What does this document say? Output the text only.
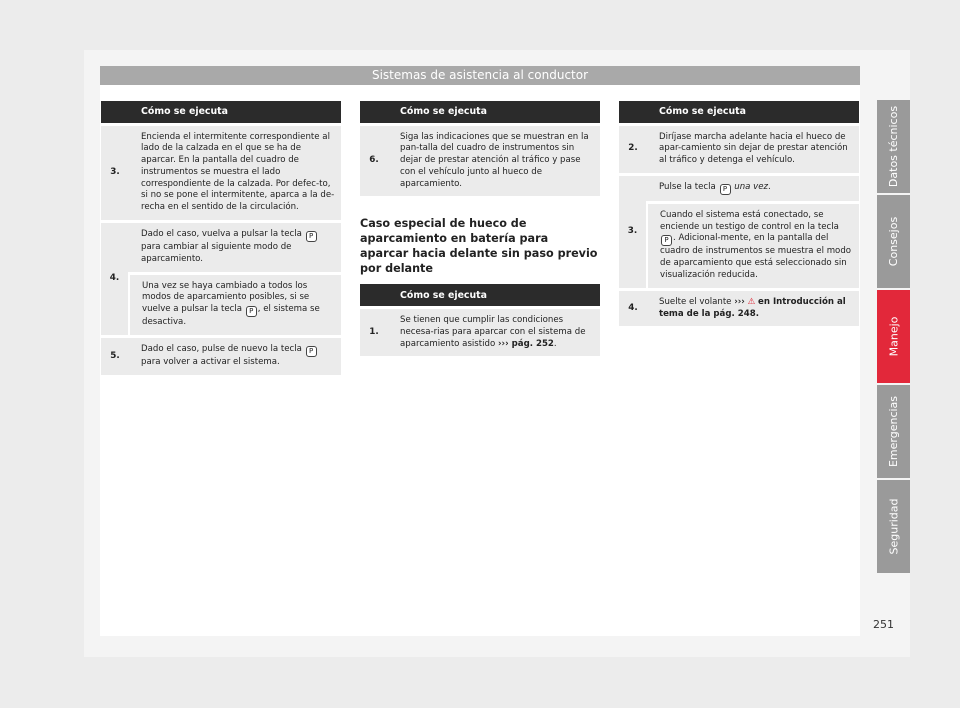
Sistemas de asistencia al conductor
	Cómo se ejecuta
3.	Encienda el intermitente correspondiente al lado de la calzada en el que se ha de aparcar. En la pantalla del cuadro de instrumentos se muestra el lado correspondiente de la calzada. Por defec-to, si no se pone el intermitente, aparca a la de-recha en el sentido de la circulación.
4.	Dado el caso, vuelva a pulsar la tecla P para cambiar al siguiente modo de aparcamiento.
	Una vez se haya cambiado a todos los modos de aparcamiento posibles, si se vuelve a pulsar la tecla P , el sistema se desactiva.
5.	Dado el caso, pulse de nuevo la tecla P para volver a activar el sistema.
	Cómo se ejecuta
6.	Siga las indicaciones que se muestran en la pan-talla del cuadro de instrumentos sin dejar de prestar atención al tráfico y pase con el vehículo junto al hueco de aparcamiento.
Caso especial de hueco de aparcamiento en batería para aparcar hacia delante sin paso previo por delante
	Cómo se ejecuta
1.	Se tienen que cumplir las condiciones necesa-rias para aparcar con el sistema de aparcamiento asistido ››› pág. 252.
	Cómo se ejecuta
2.	Diríjase marcha adelante hacia el hueco de apar-camiento sin dejar de prestar atención al tráfico y detenga el vehículo.
3.	Pulse la tecla P una vez.
	Cuando el sistema está conectado, se enciende un testigo de control en la tecla P . Adicional-mente, en la pantalla del cuadro de instrumentos se muestra el modo de aparcamiento que está seleccionado sin visualización reducida.
4.	Suelte el volante ››› ⚠ en Introducción al tema de la pág. 248.
Datos técnicos
Consejos
Manejo
Emergencias
Seguridad
251
